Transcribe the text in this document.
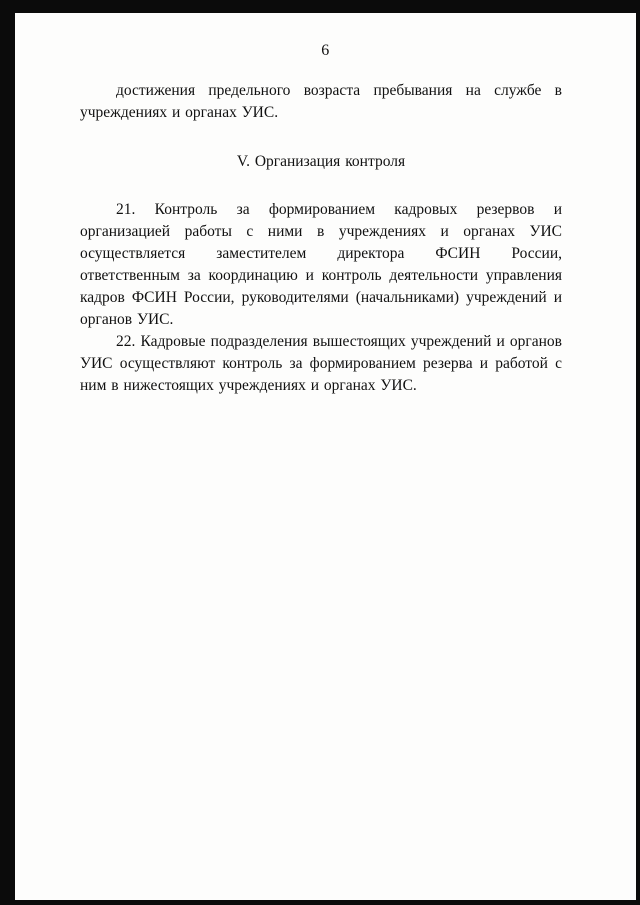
6

достижения предельного возраста пребывания на службе в учреждениях и органах УИС.

V. Организация контроля

21. Контроль за формированием кадровых резервов и организацией работы с ними в учреждениях и органах УИС осуществляется заместителем директора ФСИН России, ответственным за координацию и контроль деятельности управления кадров ФСИН России, руководителями (начальниками) учреждений и органов УИС.

22. Кадровые подразделения вышестоящих учреждений и органов УИС осуществляют контроль за формированием резерва и работой с ним в нижестоящих учреждениях и органах УИС.
